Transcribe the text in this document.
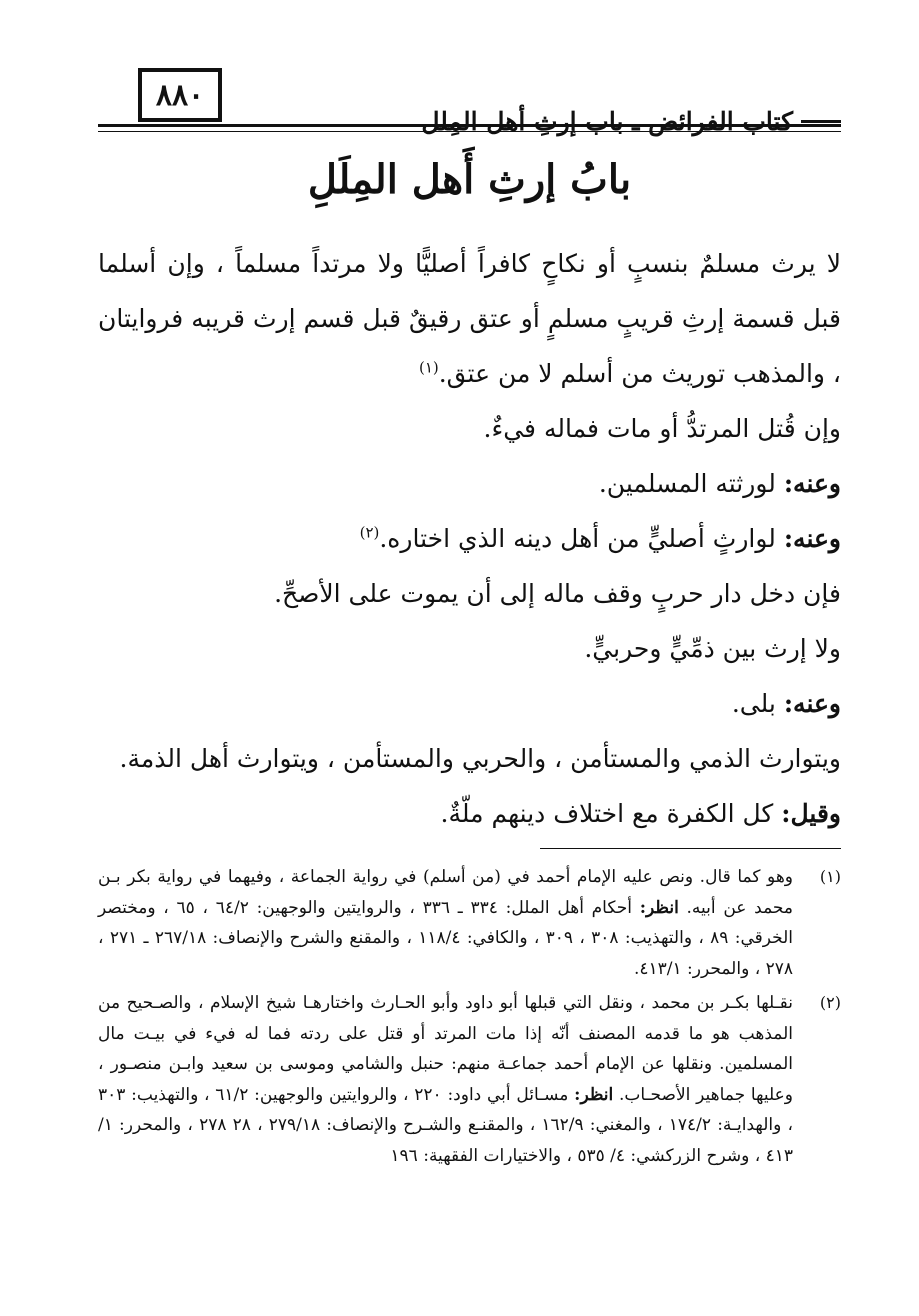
٨٨٠
كتاب الفرائض ـ باب إرثِ أهل المِلل
بابُ إرثِ أَهل المِلَلِ

لا يرث مسلمٌ بنسبٍ أو نكاحٍ كافراً أصليًّا ولا مرتداً مسلماً ، وإن أسلما قبل قسمة إرثِ قريبٍ مسلمٍ أو عتق رقيقٌ قبل قسم إرث قريبه فروايتان ، والمذهب توريث من أسلم لا من عتق.$^{(١)}$

وإن قُتل المرتدُّ أو مات فماله فيءٌ.

وعنه: لورثته المسلمين.

وعنه: لوارثٍ أصليٍّ من أهل دينه الذي اختاره.$^{(٢)}$

فإن دخل دار حربٍ وقف ماله إلى أن يموت على الأصحِّ.

ولا إرث بين ذمِّيٍّ وحربيٍّ.

وعنه: بلى.

ويتوارث الذمي والمستأمن ، والحربي والمستأمن ، ويتوارث أهل الذمة.

وقيل: كل الكفرة مع اختلاف دينهم ملّةٌ.

(١)
وهو كما قال. ونص عليه الإمام أحمد في (من أسلم) في رواية الجماعة ، وفيهما في رواية بكر بـن محمد عن أبيه. انظر: أحكام أهل الملل: ٣٣٤ ـ ٣٣٦ ، والروايتين والوجهين: ٦٤/٢ ، ٦٥ ، ومختصر الخرقي: ٨٩ ، والتهذيب: ٣٠٨ ، ٣٠٩ ، والكافي: ١١٨/٤ ، والمقنع والشرح والإنصاف: ٢٦٧/١٨ ـ ٢٧١ ، ٢٧٨ ، والمحرر: ٤١٣/١.
(٢)
نقـلها بكـر بن محمد ، ونقل التي قبلها أبو داود وأبو الحـارث واختارهـا شيخ الإسلام ، والصـحيح من المذهب هو ما قدمه المصنف أنّه إذا مات المرتد أو قتل على ردته فما له فيء في بيـت مال المسلمين. ونقلها عن الإمام أحمد جماعـة منهم: حنبل والشامي وموسى بن سعيد وابـن منصـور ، وعليها جماهير الأصحـاب. انظر: مسـائل أبي داود: ٢٢٠ ، والروايتين والوجهين: ٦١/٢ ، والتهذيب: ٣٠٣ ، والهدايـة: ١٧٤/٢ ، والمغني: ١٦٢/٩ ، والمقنـع والشـرح والإنصاف: ٢٧٩/١٨ ، ٢٨ ٢٧٨ ، والمحرر: ١/ ٤١٣ ، وشرح الزركشي: ٤/ ٥٣٥ ، والاختيارات الفقهية: ١٩٦
